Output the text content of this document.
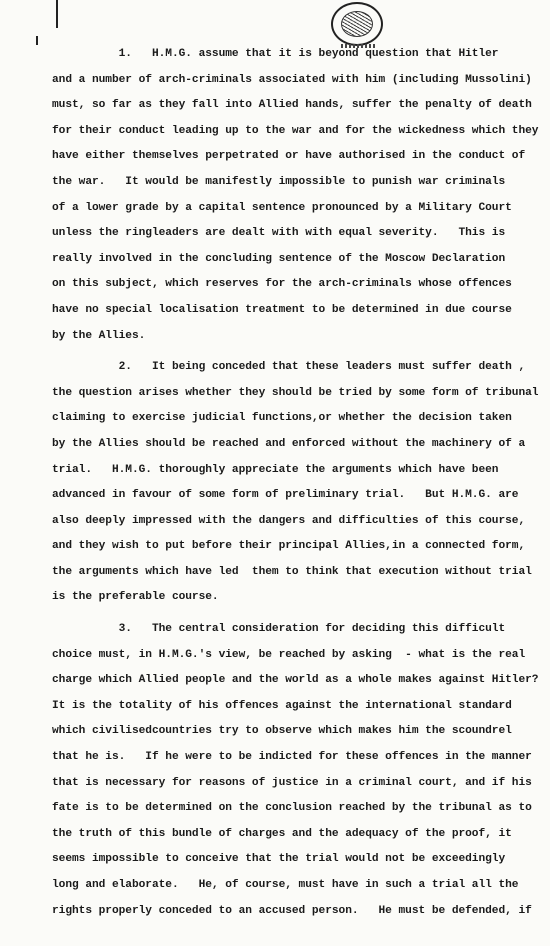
1.   H.M.G. assume that it is beyond question that Hitler
and a number of arch-criminals associated with him (including Mussolini)
must, so far as they fall into Allied hands, suffer the penalty of death
for their conduct leading up to the war and for the wickedness which they
have either themselves perpetrated or have authorised in the conduct of
the war.   It would be manifestly impossible to punish war criminals
of a lower grade by a capital sentence pronounced by a Military Court
unless the ringleaders are dealt with with equal severity.   This is
really involved in the concluding sentence of the Moscow Declaration
on this subject, which reserves for the arch-criminals whose offences
have no special localisation treatment to be determined in due course
by the Allies.
2.   It being conceded that these leaders must suffer death ,
the question arises whether they should be tried by some form of tribunal
claiming to exercise judicial functions,or whether the decision taken
by the Allies should be reached and enforced without the machinery of a
trial.   H.M.G. thoroughly appreciate the arguments which have been
advanced in favour of some form of preliminary trial.   But H.M.G. are
also deeply impressed with the dangers and difficulties of this course,
and they wish to put before their principal Allies,in a connected form,
the arguments which have led  them to think that execution without trial
is the preferable course.
3.   The central consideration for deciding this difficult
choice must, in H.M.G.'s view, be reached by asking  - what is the real
charge which Allied people and the world as a whole makes against Hitler?
It is the totality of his offences against the international standard
which civilisedcountries try to observe which makes him the scoundrel
that he is.   If he were to be indicted for these offences in the manner
that is necessary for reasons of justice in a criminal court, and if his
fate is to be determined on the conclusion reached by the tribunal as to
the truth of this bundle of charges and the adequacy of the proof, it
seems impossible to conceive that the trial would not be exceedingly
long and elaborate.   He, of course, must have in such a trial all the
rights properly conceded to an accused person.   He must be defended, if
